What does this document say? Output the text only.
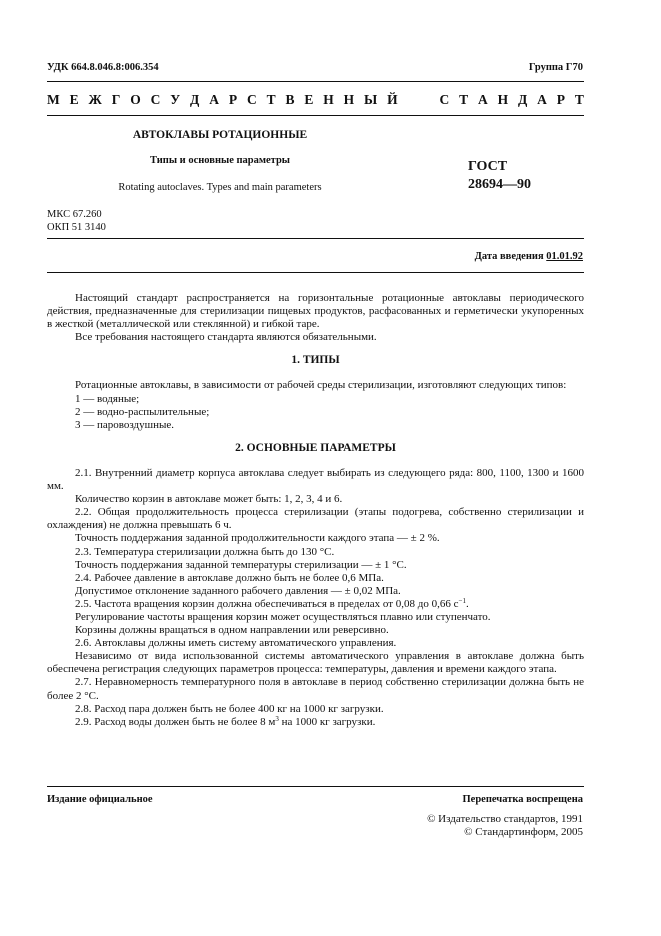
УДК 664.8.046.8:006.354	Группа Г70
М Е Ж Г О С У Д А Р С Т В Е Н Н Ы Й	С Т А Н Д А Р Т
АВТОКЛАВЫ РОТАЦИОННЫЕ
Типы и основные параметры
Rotating autoclaves. Types and main parameters
ГОСТ
28694—90
МКС 67.260
ОКП 51 3140
Дата введения 01.01.92

Настоящий стандарт распространяется на горизонтальные ротационные автоклавы периодического действия, предназначенные для стерилизации пищевых продуктов, расфасованных и герметически укупоренных в жесткой (металлической или стеклянной) и гибкой таре.

Все требования настоящего стандарта являются обязательными.

1. ТИПЫ

Ротационные автоклавы, в зависимости от рабочей среды стерилизации, изготовляют следующих типов:

1 — водяные;

2 — водно-распылительные;

3 — паровоздушные.

2. ОСНОВНЫЕ ПАРАМЕТРЫ

2.1. Внутренний диаметр корпуса автоклава следует выбирать из следующего ряда: 800, 1100, 1300 и 1600 мм.

Количество корзин в автоклаве может быть: 1, 2, 3, 4 и 6.

2.2. Общая продолжительность процесса стерилизации (этапы подогрева, собственно стерилизации и охлаждения) не должна превышать 6 ч.

Точность поддержания заданной продолжительности каждого этапа — ± 2 %.

2.3. Температура стерилизации должна быть до 130 °С.

Точность поддержания заданной температуры стерилизации — ± 1 °С.

2.4. Рабочее давление в автоклаве должно быть не более 0,6 МПа.

Допустимое отклонение заданного рабочего давления — ± 0,02 МПа.

2.5. Частота вращения корзин должна обеспечиваться в пределах от 0,08 до 0,66 $с^{-1}$.

Регулирование частоты вращения корзин может осуществляться плавно или ступенчато.

Корзины должны вращаться в одном направлении или реверсивно.

2.6. Автоклавы должны иметь систему автоматического управления.

Независимо от вида использованной системы автоматического управления в автоклаве должна быть обеспечена регистрация следующих параметров процесса: температуры, давления и времени каждого этапа.

2.7. Неравномерность температурного поля в автоклаве в период собственно стерилизации должна быть не более 2 °С.

2.8. Расход пара должен быть не более 400 кг на 1000 кг загрузки.

2.9. Расход воды должен быть не более 8 $м^3$ на 1000 кг загрузки.

Издание официальное	Перепечатка воспрещена
© Издательство стандартов, 1991
© Стандартинформ, 2005
